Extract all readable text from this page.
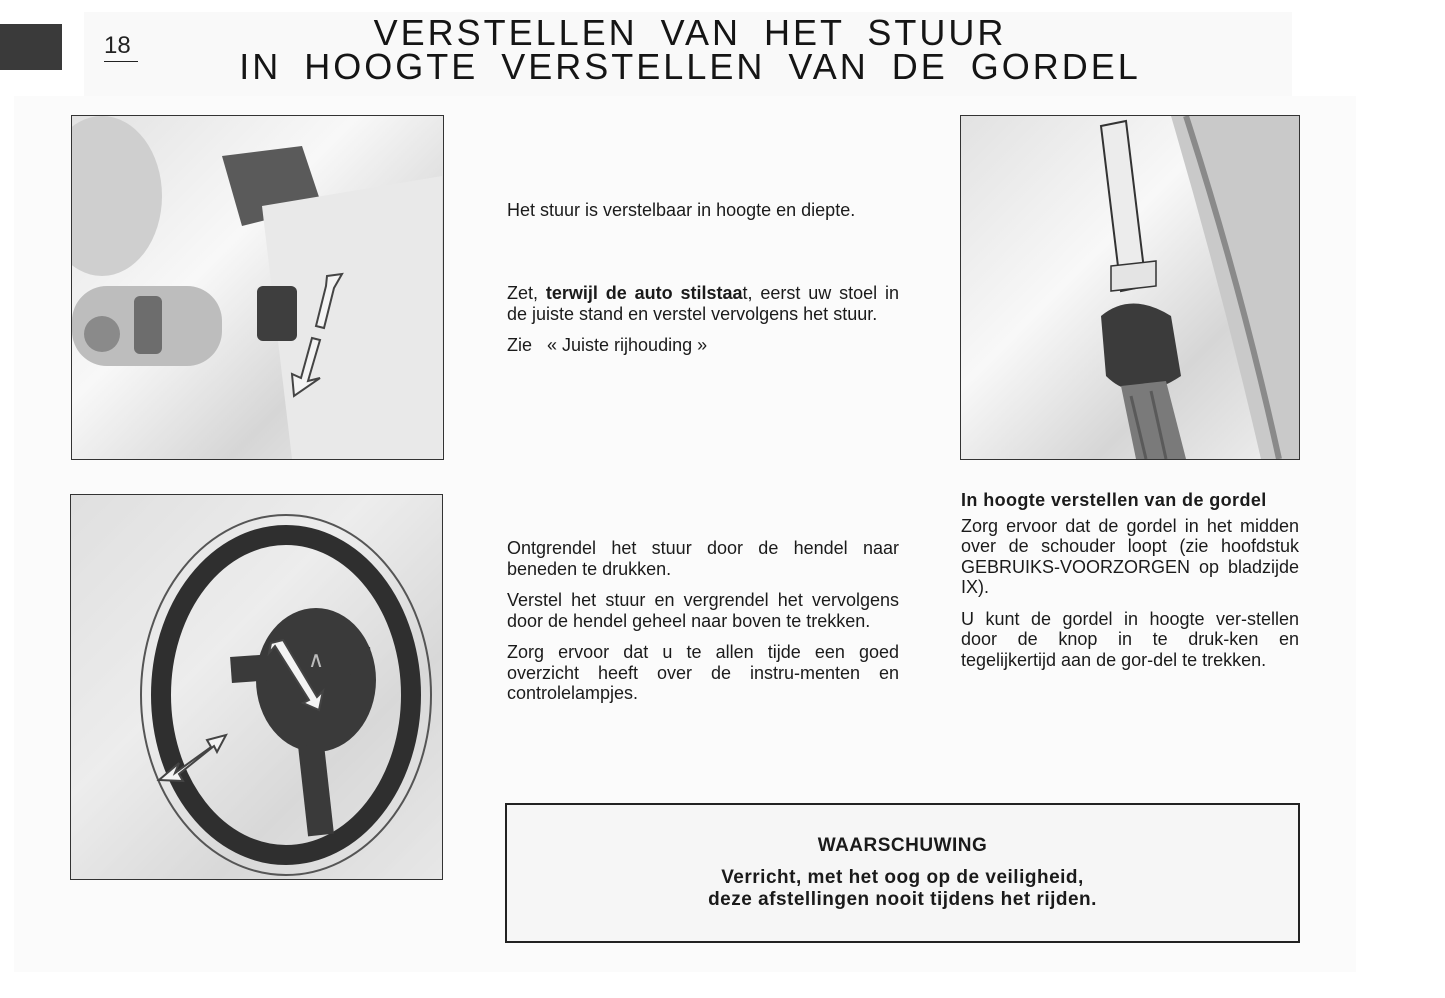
18	VERSTELLEN VAN HET STUUR
IN HOOGTE VERSTELLEN VAN DE GORDEL
∧

Het stuur is verstelbaar in hoogte en diepte.

Zet, terwijl de auto stilstaat, eerst uw stoel in de juiste stand en verstel vervolgens het stuur.

Zie   « Juiste rijhouding »

Ontgrendel het stuur door de hendel naar beneden te drukken.

Verstel het stuur en vergrendel het vervolgens door de hendel geheel naar boven te trekken.

Zorg ervoor dat u te allen tijde een goed overzicht heeft over de instru-menten en controlelampjes.

In hoogte verstellen van de gordel

Zorg ervoor dat de gordel in het midden over de schouder loopt (zie hoofdstuk GEBRUIKS-VOORZORGEN op bladzijde IX).

U kunt de gordel in hoogte ver-stellen door de knop in te druk-ken en tegelijkertijd aan de gor-del te trekken.

WAARSCHUWING
Verricht, met het oog op de veiligheid,
deze afstellingen nooit tijdens het rijden.
